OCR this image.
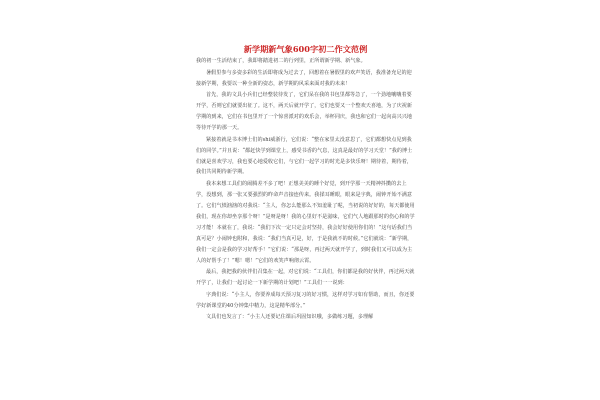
新学期新气象600字初二作文范例

我的初一生活结束了，我即将踏进初二的行列里，正所谓新学期、新气象。

暑假里参与多姿多彩的生活即将成为过去了，回想着在暑假里的欢声笑语，我准备充足的迎接新学期，我要以一种全新的姿态，新学期的风采来面对我的未来！

首先，我的文具小兵们已经整装待发了，它们呆在我的书包里都等急了，一个劲地嚷嚷着要开学，否则它们就要出征了。这不，两天后就开学了，它们也要又一个整欢天喜地，为了庆祝新学期的到来，它们在书包里开了一个惊喜派对的欢乐会，举杯同庆，我也和它们一起向高兴兴地等待开学的那一天。

紧接着就是书本博士们的shi威浙行，它们说：“整在家里太没意思了，它们都想快点见到我们的同学。”并且说：“都赶快学到课堂上，感受书香的气息，这真是最好的学习天堂！”我的博士们就是喜欢学习，我也要心地爱收它们，与它们一起学习的时光是多快乐呀！期待着，期待着，我们共同期待新学期。

我本来想工具们的闹腾差不多了吧！正想美美的睡个好觉，到开学那一天精神抖擞的去上学，没想到，那一张又要强烈的昨命声音接连传来。我揉耳睡眼，眼来是字典，闹钟开始不满意了。它们气愤汹汹的对我说：“主人，你怎么能那么不知羞耻了呢，当初说的好好的，每天都使用我们，现在你却坐享那个呀！”是呀是呀！我的心里好不是滋味，它们气人地跟那时的伤心和的学习才能！本就在了，我说：“我们下次一定只定会对坚持，我会好好使用你们的！”这句话我们当真可是？小闹钟也附和，我说：“我们当真可是，好，于是我就不的时候。”它们就说：“新学期，我们一定会是我的学习好帮手！”它们说：“那是呀，再过两天就开学了，到时我们又可以成为主人的好帮手了！”嗯！嗯！”它们的欢笑声响彻云霄。

最后，我把我的伙伴们召集在一起，对它们说：“工具们，你们都是我的好伙伴，再过两天就开学了，让我们一起讨论一下新学期的计划吧！”工具们一一说到：

字典们说：“小主人，你要养成每天预习复习的好习惯，这样对学习如有帮助，而且，你还要学好新课堂的40分钟集中精力，这是精华部分。”

文具们也发言了：“小主人还要记住课后巩固知识哦，多做练习题，多理解
